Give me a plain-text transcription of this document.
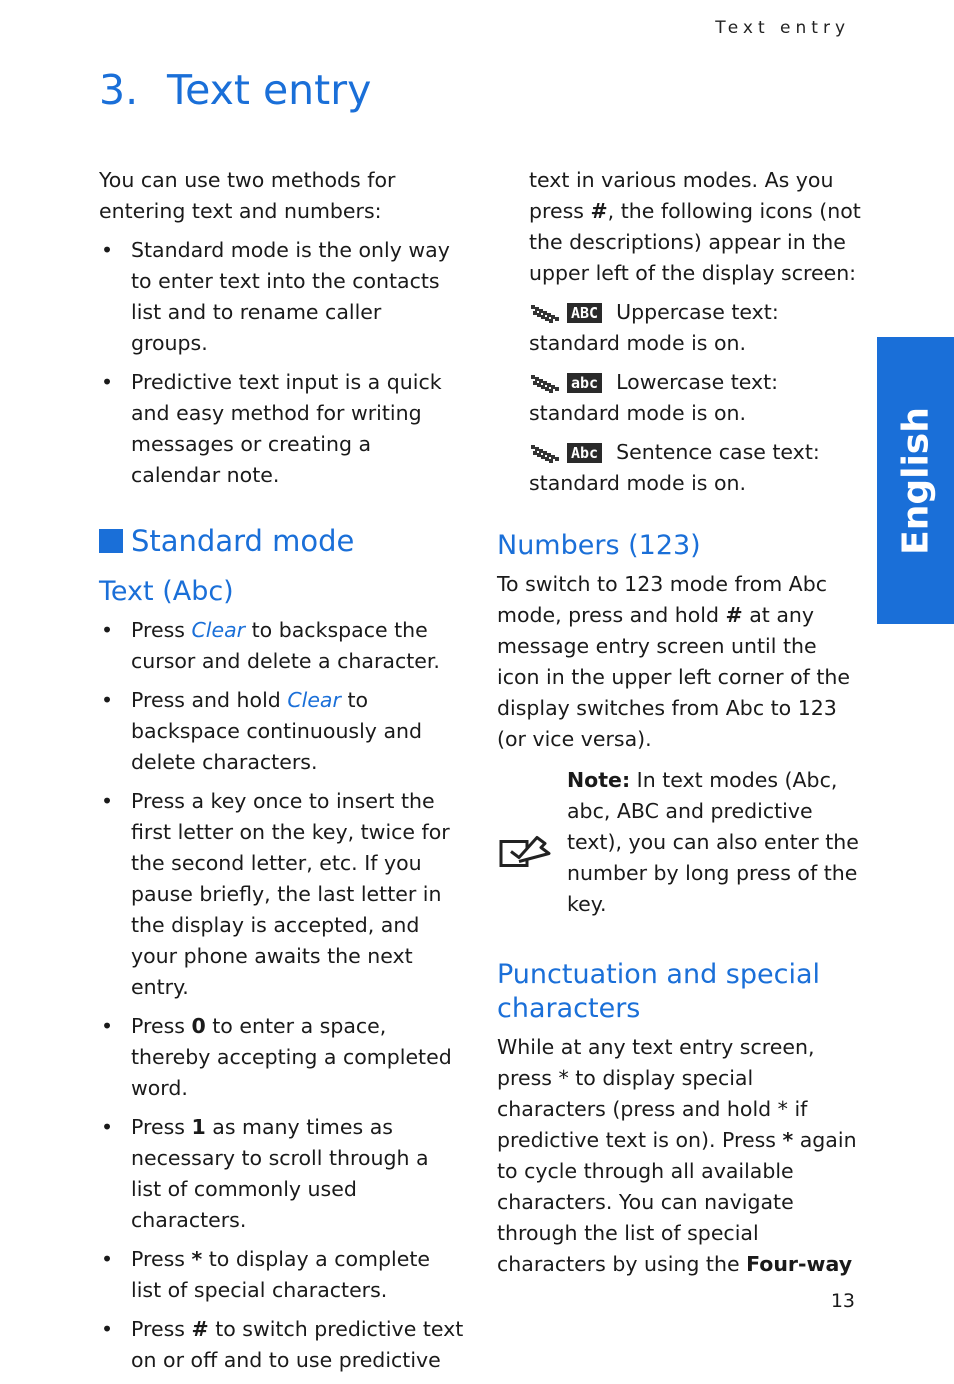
Text entry
3. Text entry

You can use two methods for entering text and numbers:

• Standard mode is the only way to enter text into the contacts list and to rename caller groups.
• Predictive text input is a quick and easy method for writing messages or creating a calendar note.
Standard mode
Text (Abc)
• Press Clear to backspace the cursor and delete a character.
• Press and hold Clear to backspace continuously and delete characters.
• Press a key once to insert the first letter on the key, twice for the second letter, etc. If you pause briefly, the last letter in the display is accepted, and your phone awaits the next entry.
• Press 0 to enter a space, thereby accepting a completed word.
• Press 1 as many times as necessary to scroll through a list of commonly used characters.
• Press * to display a complete list of special characters.
• Press # to switch predictive text on or off and to use predictive

text in various modes. As you press #, the following icons (not the descriptions) appear in the upper left of the display screen:

ABC Uppercase text:
standard mode is on.
abc Lowercase text:
standard mode is on.
Abc Sentence case text:
standard mode is on.
Numbers (123)

To switch to 123 mode from Abc mode, press and hold # at any message entry screen until the icon in the upper left corner of the display switches from Abc to 123 (or vice versa).

Note: In text modes (Abc, abc, ABC and predictive text), you can also enter the number by long press of the key.

Punctuation and special characters

While at any text entry screen, press * to display special characters (press and hold * if predictive text is on). Press * again to cycle through all available characters. You can navigate through the list of special characters by using the Four-way

English
13
